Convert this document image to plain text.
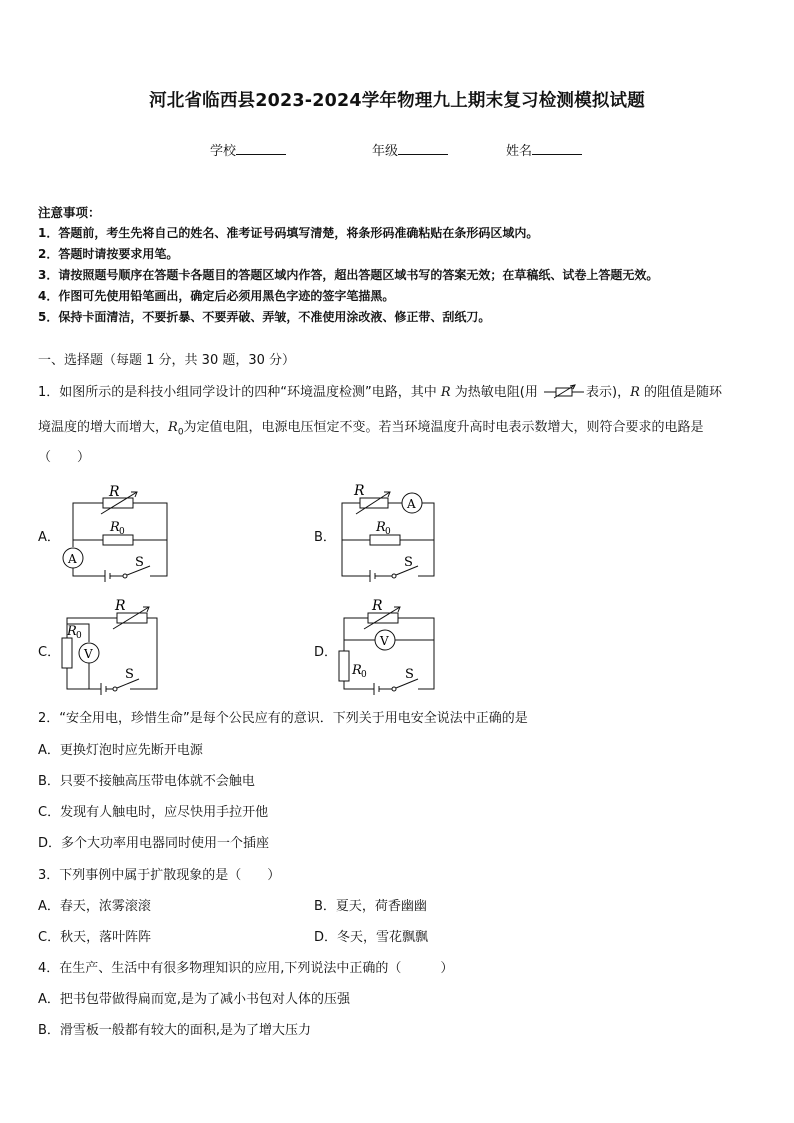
河北省临西县2023-2024学年物理九上期末复习检测模拟试题
学校	年级	姓名
注意事项：
1．答题前，考生先将自己的姓名、准考证号码填写清楚，将条形码准确粘贴在条形码区域内。
2．答题时请按要求用笔。
3．请按照题号顺序在答题卡各题目的答题区域内作答，超出答题区域书写的答案无效；在草稿纸、试卷上答题无效。
4．作图可先使用铅笔画出，确定后必须用黑色字迹的签字笔描黑。
5．保持卡面清洁，不要折暴、不要弄破、弄皱，不准使用涂改液、修正带、刮纸刀。
一、选择题（每题 1 分，共 30 题，30 分）
1．如图所示的是科技小组同学设计的四种“环境温度检测”电路，其中 R 为热敏电阻(用	表示)，R 的阻值是随环
境温度的增大而增大，$R_0$为定值电阻，电源电压恒定不变。若当环境温度升高时电表示数增大，则符合要求的电路是
（　　）
A．	B．
C．	D．
R
R 0
A	S
R
A
R 0
S
R
R 0
V
S
R
V
R 0	S
2．“安全用电，珍惜生命”是每个公民应有的意识．下列关于用电安全说法中正确的是
A．更换灯泡时应先断开电源
B．只要不接触高压带电体就不会触电
C．发现有人触电时，应尽快用手拉开他
D．多个大功率用电器同时使用一个插座
3．下列事例中属于扩散现象的是（　　）
A．春天，浓雾滚滚	B．夏天，荷香幽幽
C．秋天，落叶阵阵	D．冬天，雪花飘飘
4．在生产、生活中有很多物理知识的应用,下列说法中正确的（　　　）
A．把书包带做得扁而宽,是为了减小书包对人体的压强
B．滑雪板一般都有较大的面积,是为了增大压力
